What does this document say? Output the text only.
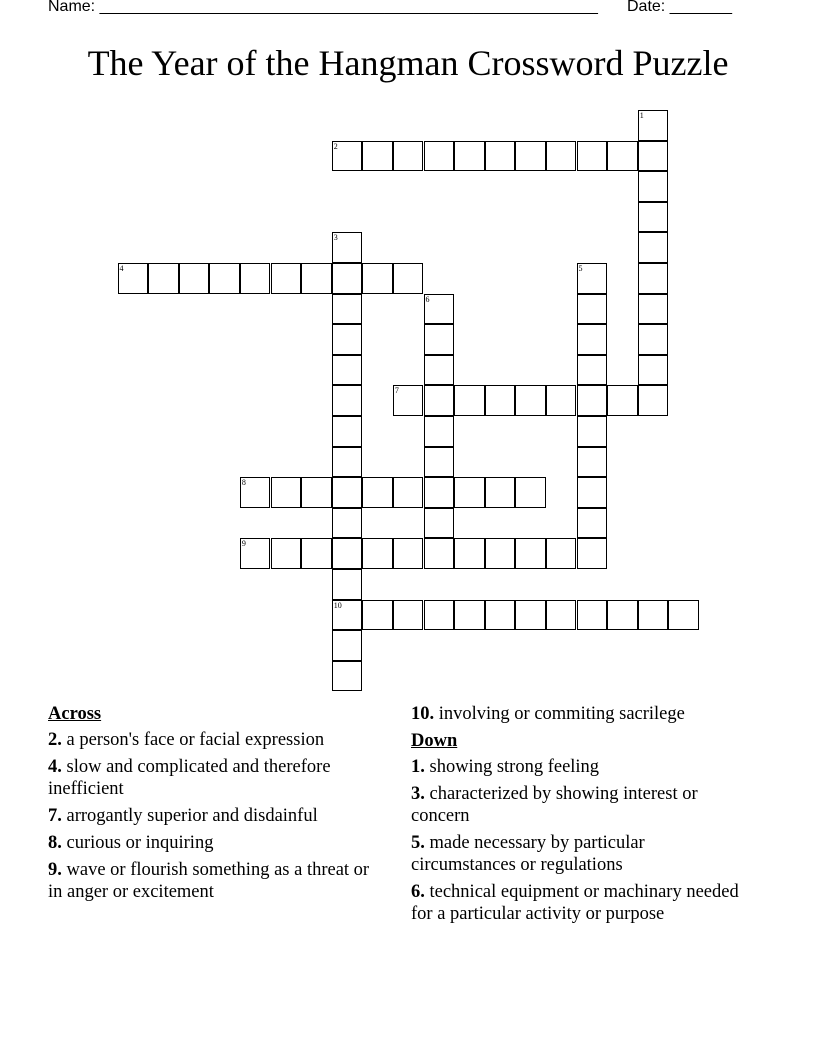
Name: ________________________________________________________ Date: _______
The Year of the Hangman Crossword Puzzle
1
2
3
4	5
6
7
8
9
10
Across
2. a person's face or facial expression
4. slow and complicated and therefore inefficient
7. arrogantly superior and disdainful
8. curious or inquiring
9. wave or flourish something as a threat or in anger or excitement
10. involving or commiting sacrilege
Down
1. showing strong feeling
3. characterized by showing interest or concern
5. made necessary by particular circumstances or regulations
6. technical equipment or machinary needed for a particular activity or purpose
